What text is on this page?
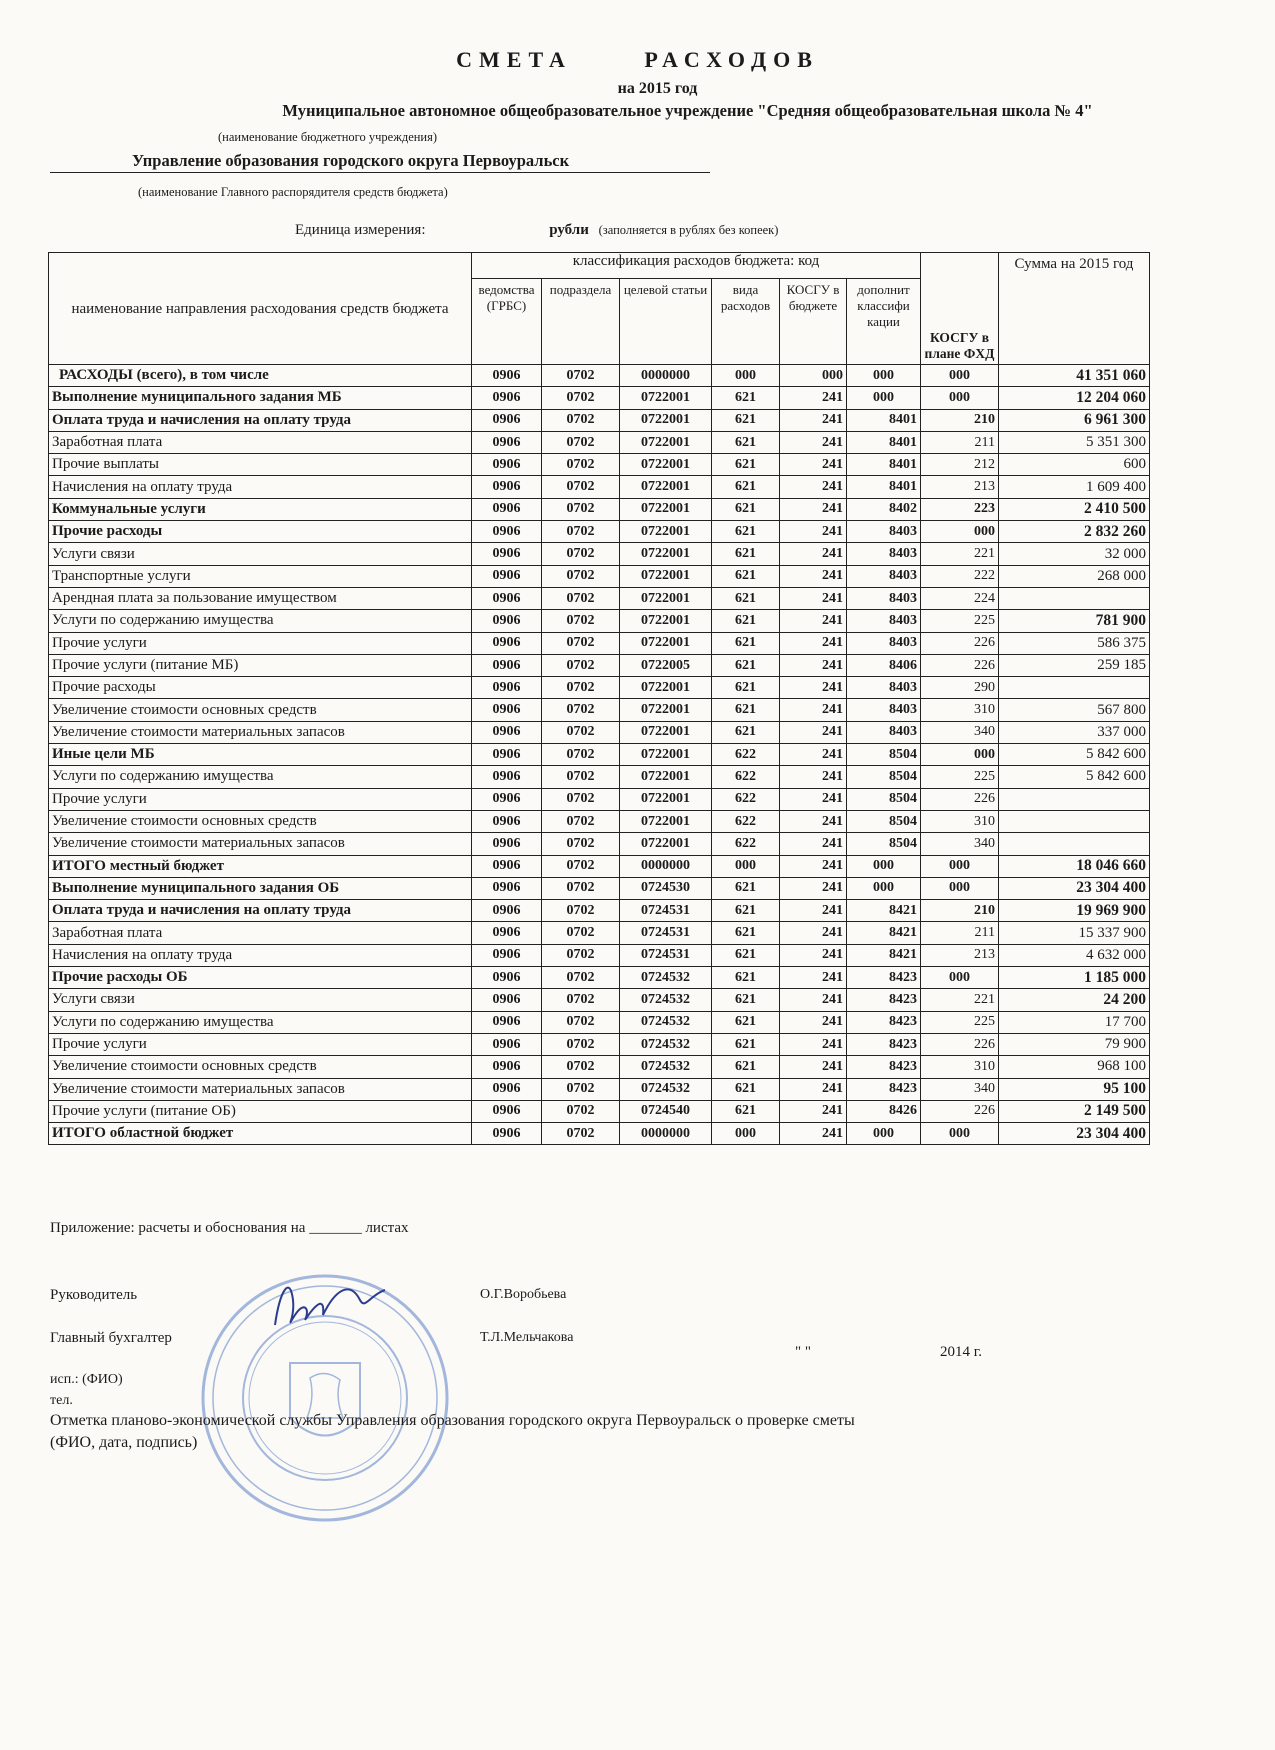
СМЕТА	РАСХОДОВ
на 2015 год
Муниципальное автономное общеобразовательное учреждение "Средняя общеобразовательная школа № 4"
(наименование бюджетного учреждения)
Управление образования городского округа Первоуральск
(наименование Главного распорядителя средств бюджета)
Единица измерения:	рубли (заполняется в рублях без копеек)
наименование направления расходования средств бюджета	классификация расходов бюджета: код						КОСГУ в плане ФХД	Сумма на 2015 год
	ведомства (ГРБС)	подраздела	целевой статьи	вида расходов	КОСГУ в бюджете	дополнит классифи кации		
РАСХОДЫ (всего), в том числе	0906	0702	0000000	000	000	000	000	41 351 060
Выполнение муниципального задания МБ	0906	0702	0722001	621	241	000	000	12 204 060
Оплата труда и начисления на оплату труда	0906	0702	0722001	621	241	8401	210	6 961 300
Заработная плата	0906	0702	0722001	621	241	8401	211	5 351 300
Прочие выплаты	0906	0702	0722001	621	241	8401	212	600
Начисления на оплату труда	0906	0702	0722001	621	241	8401	213	1 609 400
Коммунальные услуги	0906	0702	0722001	621	241	8402	223	2 410 500
Прочие расходы	0906	0702	0722001	621	241	8403	000	2 832 260
Услуги связи	0906	0702	0722001	621	241	8403	221	32 000
Транспортные услуги	0906	0702	0722001	621	241	8403	222	268 000
Арендная плата за пользование имуществом	0906	0702	0722001	621	241	8403	224	
Услуги по содержанию имущества	0906	0702	0722001	621	241	8403	225	781 900
Прочие услуги	0906	0702	0722001	621	241	8403	226	586 375
Прочие услуги (питание МБ)	0906	0702	0722005	621	241	8406	226	259 185
Прочие расходы	0906	0702	0722001	621	241	8403	290	
Увеличение стоимости основных средств	0906	0702	0722001	621	241	8403	310	567 800
Увеличение стоимости материальных запасов	0906	0702	0722001	621	241	8403	340	337 000
Иные цели МБ	0906	0702	0722001	622	241	8504	000	5 842 600
Услуги по содержанию имущества	0906	0702	0722001	622	241	8504	225	5 842 600
Прочие услуги	0906	0702	0722001	622	241	8504	226	
Увеличение стоимости основных средств	0906	0702	0722001	622	241	8504	310	
Увеличение стоимости материальных запасов	0906	0702	0722001	622	241	8504	340	
ИТОГО местный бюджет	0906	0702	0000000	000	241	000	000	18 046 660
Выполнение муниципального задания ОБ	0906	0702	0724530	621	241	000	000	23 304 400
Оплата труда и начисления на оплату труда	0906	0702	0724531	621	241	8421	210	19 969 900
Заработная плата	0906	0702	0724531	621	241	8421	211	15 337 900
Начисления на оплату труда	0906	0702	0724531	621	241	8421	213	4 632 000
Прочие расходы ОБ	0906	0702	0724532	621	241	8423	000	1 185 000
Услуги связи	0906	0702	0724532	621	241	8423	221	24 200
Услуги по содержанию имущества	0906	0702	0724532	621	241	8423	225	17 700
Прочие услуги	0906	0702	0724532	621	241	8423	226	79 900
Увеличение стоимости основных средств	0906	0702	0724532	621	241	8423	310	968 100
Увеличение стоимости материальных запасов	0906	0702	0724532	621	241	8423	340	95 100
Прочие услуги (питание ОБ)	0906	0702	0724540	621	241	8426	226	2 149 500
ИТОГО областной бюджет	0906	0702	0000000	000	241	000	000	23 304 400
Приложение: расчеты и обоснования на _______ листах
Руководитель	О.Г.Воробьева
Главный бухгалтер	Т.Л.Мельчакова
" "	2014 г.
исп.: (ФИО)
тел.
Отметка планово-экономической службы Управления образования городского округа Первоуральск о проверке сметы
(ФИО, дата, подпись)
